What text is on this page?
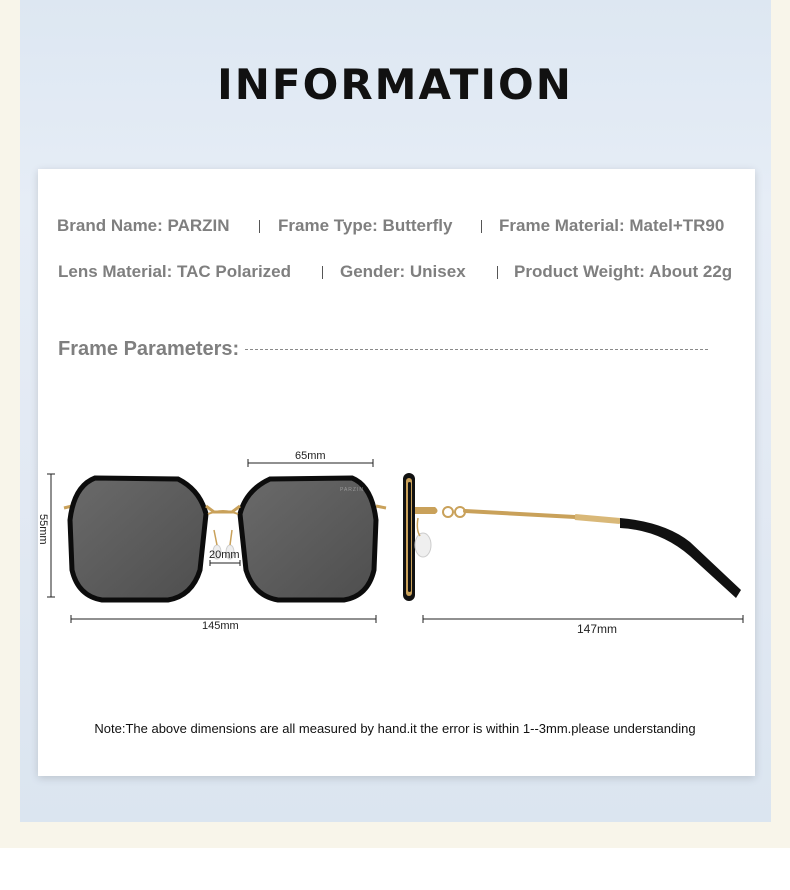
INFORMATION
Brand Name: PARZIN	Frame Type: Butterfly	Frame Material: Matel+TR90
Lens Material: TAC Polarized	Gender: Unisex	Product Weight: About 22g
Frame Parameters:
PARZIN
65mm
55mm
20mm
145mm	147mm
Note:The above dimensions are all measured by hand.it the error is within 1--3mm.please understanding
